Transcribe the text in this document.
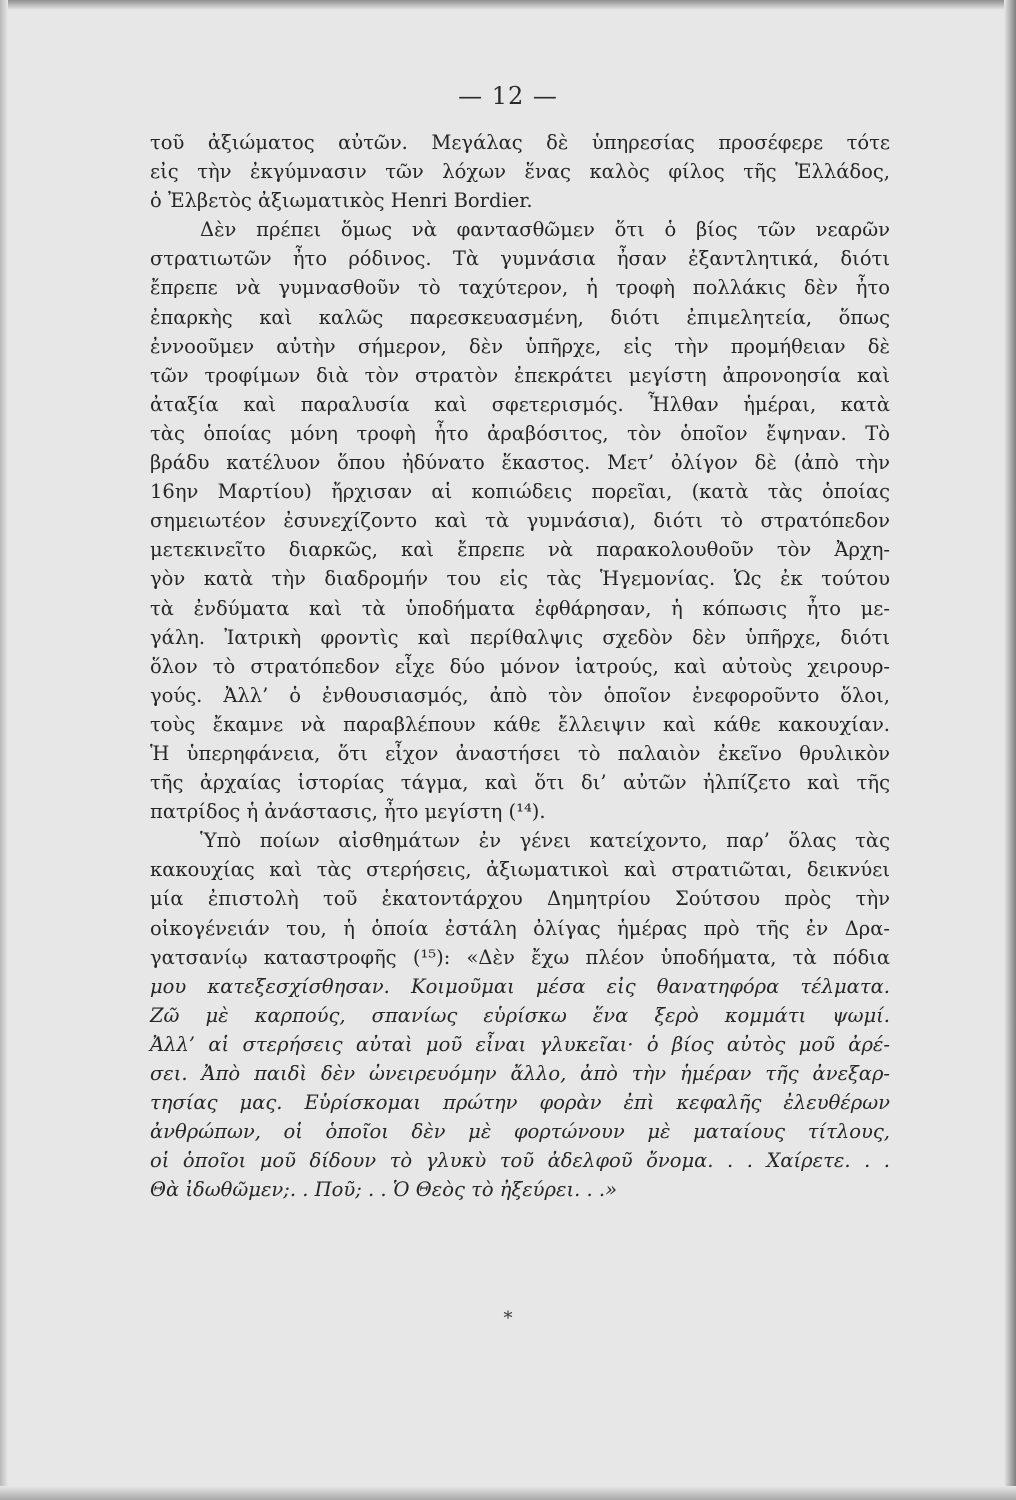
— 12 —
τοῦ ἀξιώματος αὐτῶν. Μεγάλας δὲ ὑπηρεσίας προσέφερε τότε
εἰς τὴν ἐκγύμνασιν τῶν λόχων ἕνας καλὸς φίλος τῆς Ἑλλάδος,
ὁ Ἐλβετὸς ἀξιωματικὸς Henri Bordier.
Δὲν πρέπει ὅμως νὰ φαντασθῶμεν ὅτι ὁ βίος τῶν νεαρῶν
στρατιωτῶν ἦτο ρόδινος. Τὰ γυμνάσια ἦσαν ἐξαντλητικά, διότι
ἔπρεπε νὰ γυμνασθοῦν τὸ ταχύτερον, ἡ τροφὴ πολλάκις δὲν ἦτο
ἐπαρκὴς καὶ καλῶς παρεσκευασμένη, διότι ἐπιμελητεία, ὅπως
ἐννοοῦμεν αὐτὴν σήμερον, δὲν ὑπῆρχε, εἰς τὴν προμήθειαν δὲ
τῶν τροφίμων διὰ τὸν στρατὸν ἐπεκράτει μεγίστη ἀπρονοησία καὶ
ἀταξία καὶ παραλυσία καὶ σφετερισμός. Ἦλθαν ἡμέραι, κατὰ
τὰς ὁποίας μόνη τροφὴ ἦτο ἀραβόσιτος, τὸν ὁποῖον ἔψηναν. Τὸ
βράδυ κατέλυον ὅπου ἠδύνατο ἕκαστος. Μετ’ ὀλίγον δὲ (ἀπὸ τὴν
16ην Μαρτίου) ἤρχισαν αἱ κοπιώδεις πορεῖαι, (κατὰ τὰς ὁποίας
σημειωτέον ἐσυνεχίζοντο καὶ τὰ γυμνάσια), διότι τὸ στρατόπεδον
μετεκινεῖτο διαρκῶς, καὶ ἔπρεπε νὰ παρακολουθοῦν τὸν Ἀρχη-
γὸν κατὰ τὴν διαδρομήν του εἰς τὰς Ἡγεμονίας. Ὡς ἐκ τούτου
τὰ ἐνδύματα καὶ τὰ ὑποδήματα ἐφθάρησαν, ἡ κόπωσις ἦτο με-
γάλη. Ἰατρικὴ φροντὶς καὶ περίθαλψις σχεδὸν δὲν ὑπῆρχε, διότι
ὅλον τὸ στρατόπεδον εἶχε δύο μόνον ἰατρούς, καὶ αὐτοὺς χειρουρ-
γούς. Ἀλλ’ ὁ ἐνθουσιασμός, ἀπὸ τὸν ὁποῖον ἐνεφοροῦντο ὅλοι,
τοὺς ἔκαμνε νὰ παραβλέπουν κάθε ἔλλειψιν καὶ κάθε κακουχίαν.
Ἡ ὑπερηφάνεια, ὅτι εἶχον ἀναστήσει τὸ παλαιὸν ἐκεῖνο θρυλικὸν
τῆς ἀρχαίας ἱστορίας τάγμα, καὶ ὅτι δι’ αὐτῶν ἠλπίζετο καὶ τῆς
πατρίδος ἡ ἀνάστασις, ἦτο μεγίστη (¹⁴).
Ὑπὸ ποίων αἰσθημάτων ἐν γένει κατείχοντο, παρ’ ὅλας τὰς
κακουχίας καὶ τὰς στερήσεις, ἀξιωματικοὶ καὶ στρατιῶται, δεικνύει
μία ἐπιστολὴ τοῦ ἑκατοντάρχου Δημητρίου Σούτσου πρὸς τὴν
οἰκογένειάν του, ἡ ὁποία ἐστάλη ὀλίγας ἡμέρας πρὸ τῆς ἐν Δρα-
γατσανίῳ καταστροφῆς (¹⁵): «Δὲν ἔχω πλέον ὑποδήματα, τὰ πόδια
μου κατεξεσχίσθησαν. Κοιμοῦμαι μέσα εἰς θανατηφόρα τέλματα.
Ζῶ μὲ καρπούς, σπανίως εὑρίσκω ἕνα ξερὸ κομμάτι ψωμί.
Ἀλλ’ αἱ στερήσεις αὐταὶ μοῦ εἶναι γλυκεῖαι· ὁ βίος αὐτὸς μοῦ ἀρέ-
σει. Ἀπὸ παιδὶ δὲν ὠνειρευόμην ἄλλο, ἀπὸ τὴν ἡμέραν τῆς ἀνεξαρ-
τησίας μας. Εὑρίσκομαι πρώτην φορὰν ἐπὶ κεφαλῆς ἐλευθέρων
ἀνθρώπων, οἱ ὁποῖοι δὲν μὲ φορτώνουν μὲ ματαίους τίτλους,
οἱ ὁποῖοι μοῦ δίδουν τὸ γλυκὺ τοῦ ἀδελφοῦ ὄνομα. . . Χαίρετε. . .
Θὰ ἰδωθῶμεν;. . Ποῦ; . . Ὁ Θεὸς τὸ ἠξεύρει. . .»
*
